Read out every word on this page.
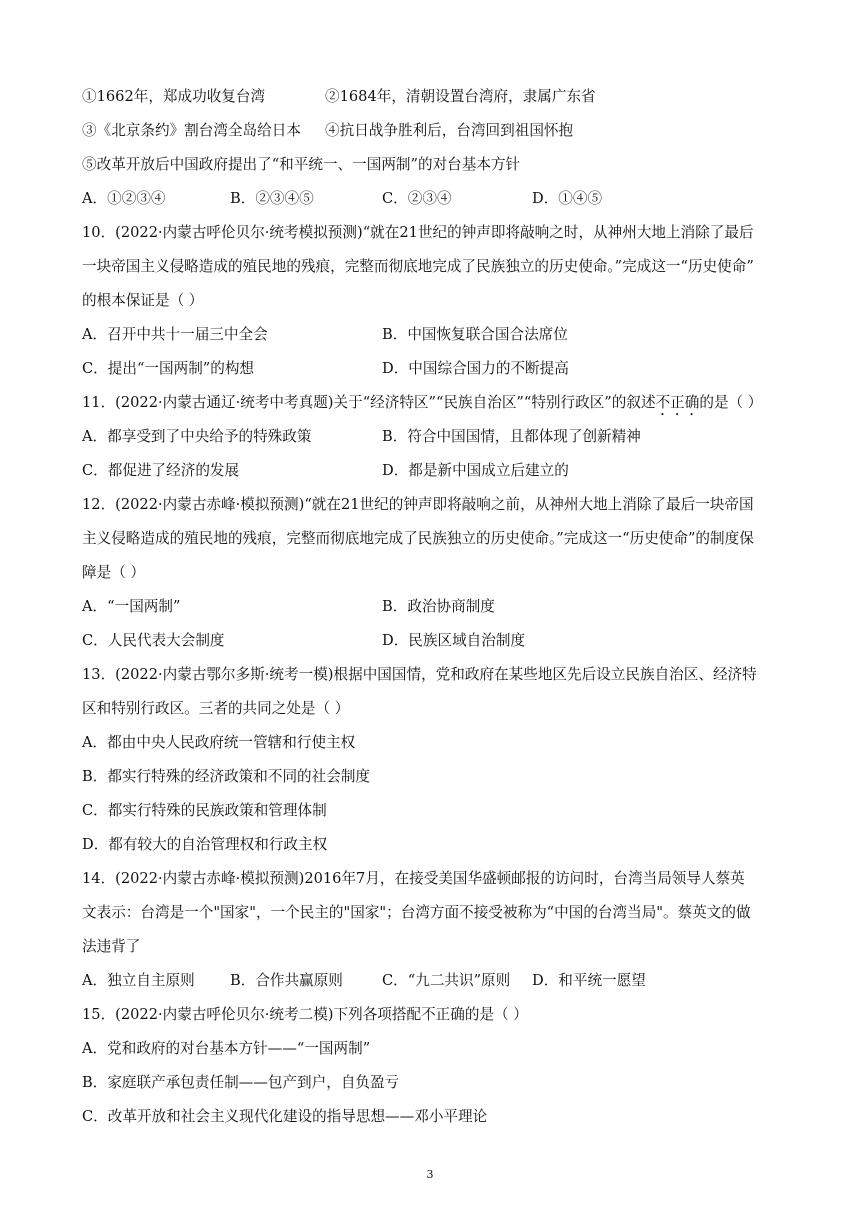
①1662年，郑成功收复台湾	②1684年，清朝设置台湾府，隶属广东省
③《北京条约》割台湾全岛给日本 ④抗日战争胜利后，台湾回到祖国怀抱
⑤改革开放后中国政府提出了“和平统一、一国两制”的对台基本方针
A．①②③④	B．②③④⑤	C．②③④	D．①④⑤
10．(2022·内蒙古呼伦贝尔·统考模拟预测)“就在21世纪的钟声即将敲响之时，从神州大地上消除了最后
一块帝国主义侵略造成的殖民地的残痕，完整而彻底地完成了民族独立的历史使命。”完成这一“历史使命”
的根本保证是（ ）
A．召开中共十一届三中全会	B．中国恢复联合国合法席位
C．提出“一国两制”的构想	D．中国综合国力的不断提高
11．(2022·内蒙古通辽·统考中考真题)关于“经济特区”“民族自治区”“特别行政区”的叙述不正确的是（ ）
A．都享受到了中央给予的特殊政策	B．符合中国国情，且都体现了创新精神
C．都促进了经济的发展	D．都是新中国成立后建立的
12．(2022·内蒙古赤峰·模拟预测)“就在21世纪的钟声即将敲响之前，从神州大地上消除了最后一块帝国
主义侵略造成的殖民地的残痕，完整而彻底地完成了民族独立的历史使命。”完成这一“历史使命”的制度保
障是（ ）
A．“一国两制”	B．政治协商制度
C．人民代表大会制度	D．民族区域自治制度
13．(2022·内蒙古鄂尔多斯·统考一模)根据中国国情，党和政府在某些地区先后设立民族自治区、经济特
区和特别行政区。三者的共同之处是（ ）
A．都由中央人民政府统一管辖和行使主权
B．都实行特殊的经济政策和不同的社会制度
C．都实行特殊的民族政策和管理体制
D．都有较大的自治管理权和行政主权
14．(2022·内蒙古赤峰·模拟预测)2016年7月，在接受美国华盛顿邮报的访问时，台湾当局领导人蔡英
文表示：台湾是一个"国家"，一个民主的"国家"；台湾方面不接受被称为“中国的台湾当局"。蔡英文的做
法违背了
A．独立自主原则 B．合作共赢原则	C．“九二共识”原则 D．和平统一愿望
15．(2022·内蒙古呼伦贝尔·统考二模)下列各项搭配不正确的是（ ）
A．党和政府的对台基本方针——“一国两制”
B．家庭联产承包责任制——包产到户，自负盈亏
C．改革开放和社会主义现代化建设的指导思想——邓小平理论
3
